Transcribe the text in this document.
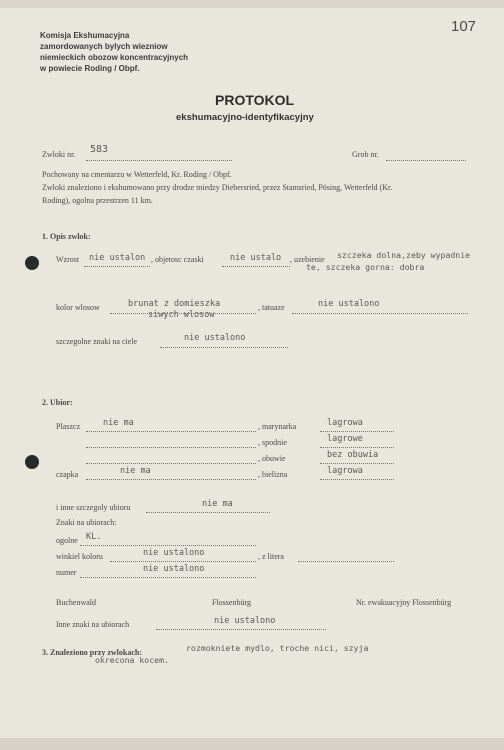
Komisja Ekshumacyjna
zamordowanych bylych wiezniow
niemieckich obozow koncentracyjnych
w powiecie Roding / Obpf.
107
PROTOKOL
ekshumacyjno-identyfikacyjny
Zwloki nr. 583	Grob nr.
Pochowany na cmentarzu w Wetterfeld, Kr. Roding / Obpf.
Zwloki znaleziono i ekshumowano przy drodze miedzy Diebersried, przez Stamsried, Pösing, Wetterfeld (Kr.
Roding), ogolna przestrzen 11 km.
1. Opis zwlok:
Wzrost nie ustalon , objetosc czaski	nie ustalo , uzebienie szczeka dolna,zeby wypadnie
te, szczeka gorna: dobra
kolor wlosow	brunat z domieszka
siwych wlosow
, tatuaze	nie ustalono
szczegolne znaki na ciele	nie ustalono
2. Ubior:
Plaszcz	nie ma	, marynarka	lagrowa
, spodnie	lagrowe
, obuwie	bez obuwia
czapka	nie ma	, bielizna	lagrowa
i inne szczegoly ubioru	nie ma
Znaki na ubiorach:
ogolne KL.
winkiel koloru	nie ustalono	, z litera
numer	nie ustalono
Buchenwald	Flossenbürg	Nr. ewakuacyjny Flossenbürg
Inne znaki na ubiorach	nie ustalono
3. Znaleziono przy zwlokach:	rozmokniete mydlo, troche nici, szyja
okrecona kocem.
